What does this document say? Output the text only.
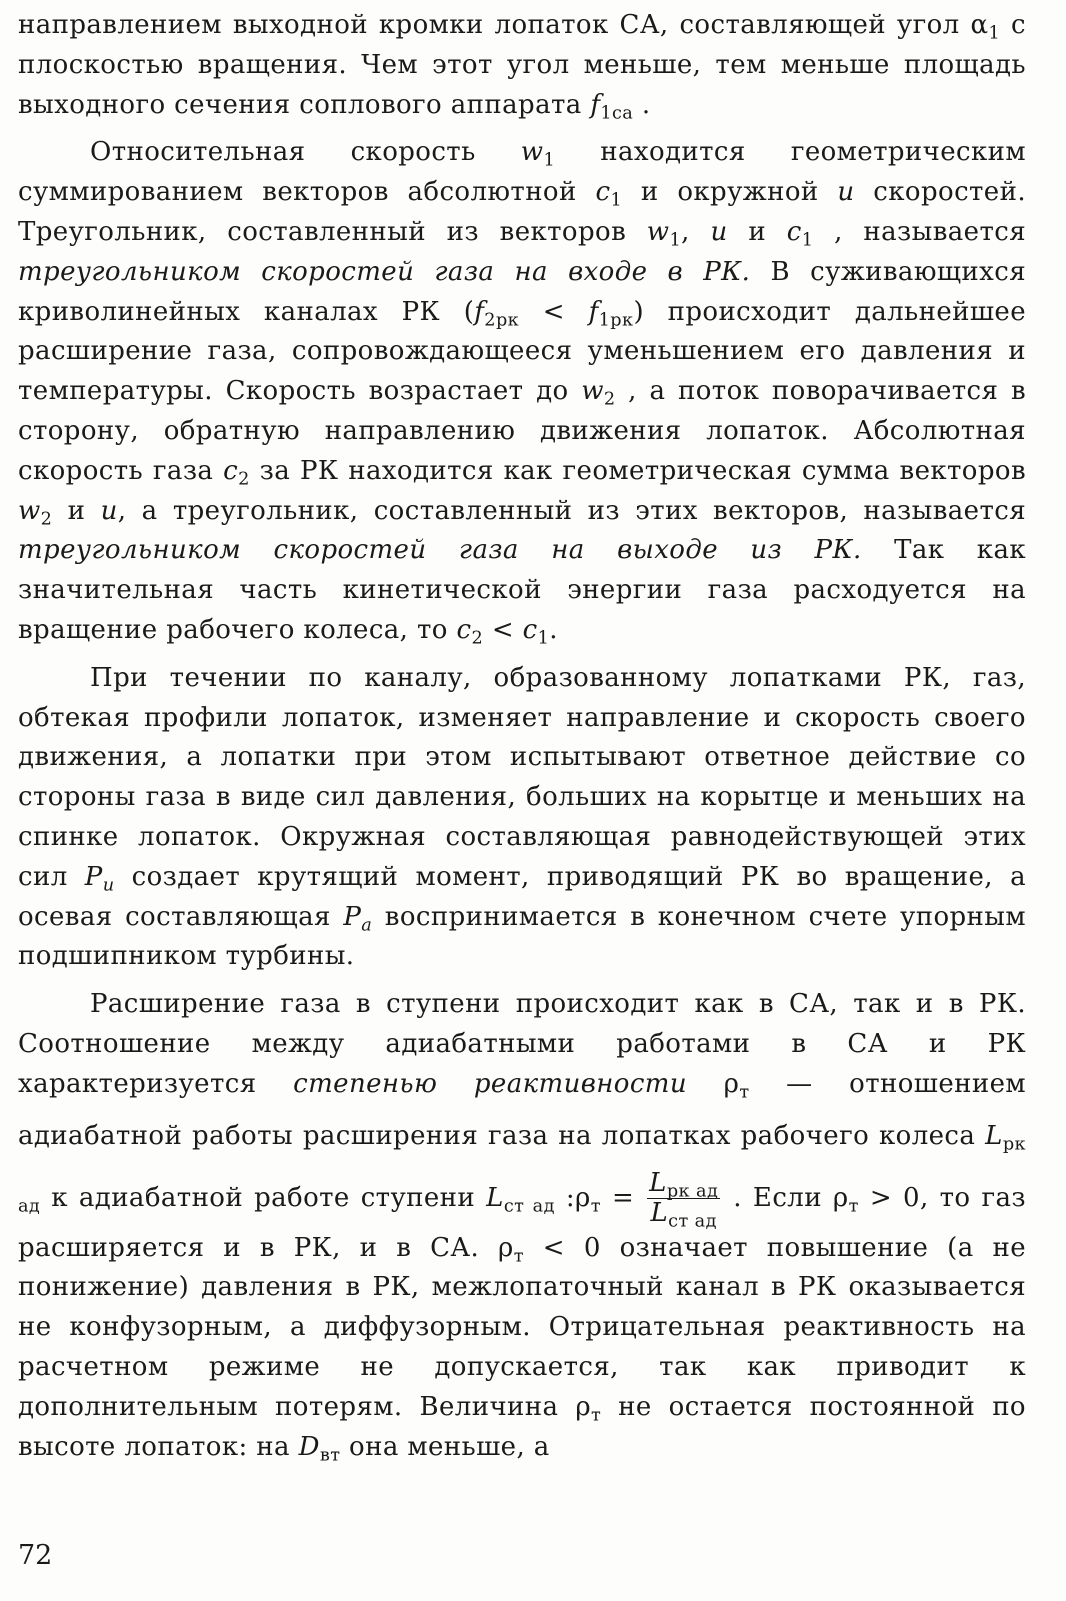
направлением выходной кромки лопаток СА, составляющей угол $\alpha_1$ с плоскостью вращения. Чем этот угол меньше, тем меньше площадь выходного сечения соплового аппарата $f_{1са}$ .

Относительная скорость $w_1$ находится геометрическим суммированием векторов абсолютной $c_1$ и окружной u скоростей. Треугольник, составленный из векторов $w_1$, u и $c_1$ , называется треугольником скоростей газа на входе в РК. В суживающихся криволинейных каналах РК $(f_{2рк} < f_{1рк})$ происходит дальнейшее расширение газа, сопровождающееся уменьшением его давления и температуры. Скорость возрастает до $w_2$ , а поток поворачивается в сторону, обратную направлению движения лопаток. Абсолютная скорость газа $c_2$ за РК находится как геометрическая сумма векторов $w_2$ и u, а треугольник, составленный из этих векторов, называется треугольником скоростей газа на выходе из РК. Так как значительная часть кинетической энергии газа расходуется на вращение рабочего колеса, то $c_2 < c_1$.

При течении по каналу, образованному лопатками РК, газ, обтекая профили лопаток, изменяет направление и скорость своего движения, а лопатки при этом испытывают ответное действие со стороны газа в виде сил давления, больших на корытце и меньших на спинке лопаток. Окружная составляющая равнодействующей этих сил $P_u$ создает крутящий момент, приводящий РК во вращение, а осевая составляющая $P_a$ воспринимается в конечном счете упорным подшипником турбины.

Расширение газа в ступени происходит как в СА, так и в РК. Соотношение между адиабатными работами в СА и РК характеризуется степенью реактивности $\rho_т$ — отношением адиабатной работы расширения газа на лопатках рабочего колеса $L_{рк ад}$ к адиабатной работе ступени $L_{ст ад}$ $:\rho_т = \frac{L_{рк ад}}{L_{ст ад}}$ . Если $\rho_т > 0$, то газ расширяется и в РК, и в СА. $\rho_т < 0$ означает повышение (а не понижение) давления в РК, межлопаточный канал в РК оказывается не конфузорным, а диффузорным. Отрицательная реактивность на расчетном режиме не допускается, так как приводит к дополнительным потерям. Величина $\rho_т$ не остается постоянной по высоте лопаток: на $D_{вт}$ она меньше, а

72
